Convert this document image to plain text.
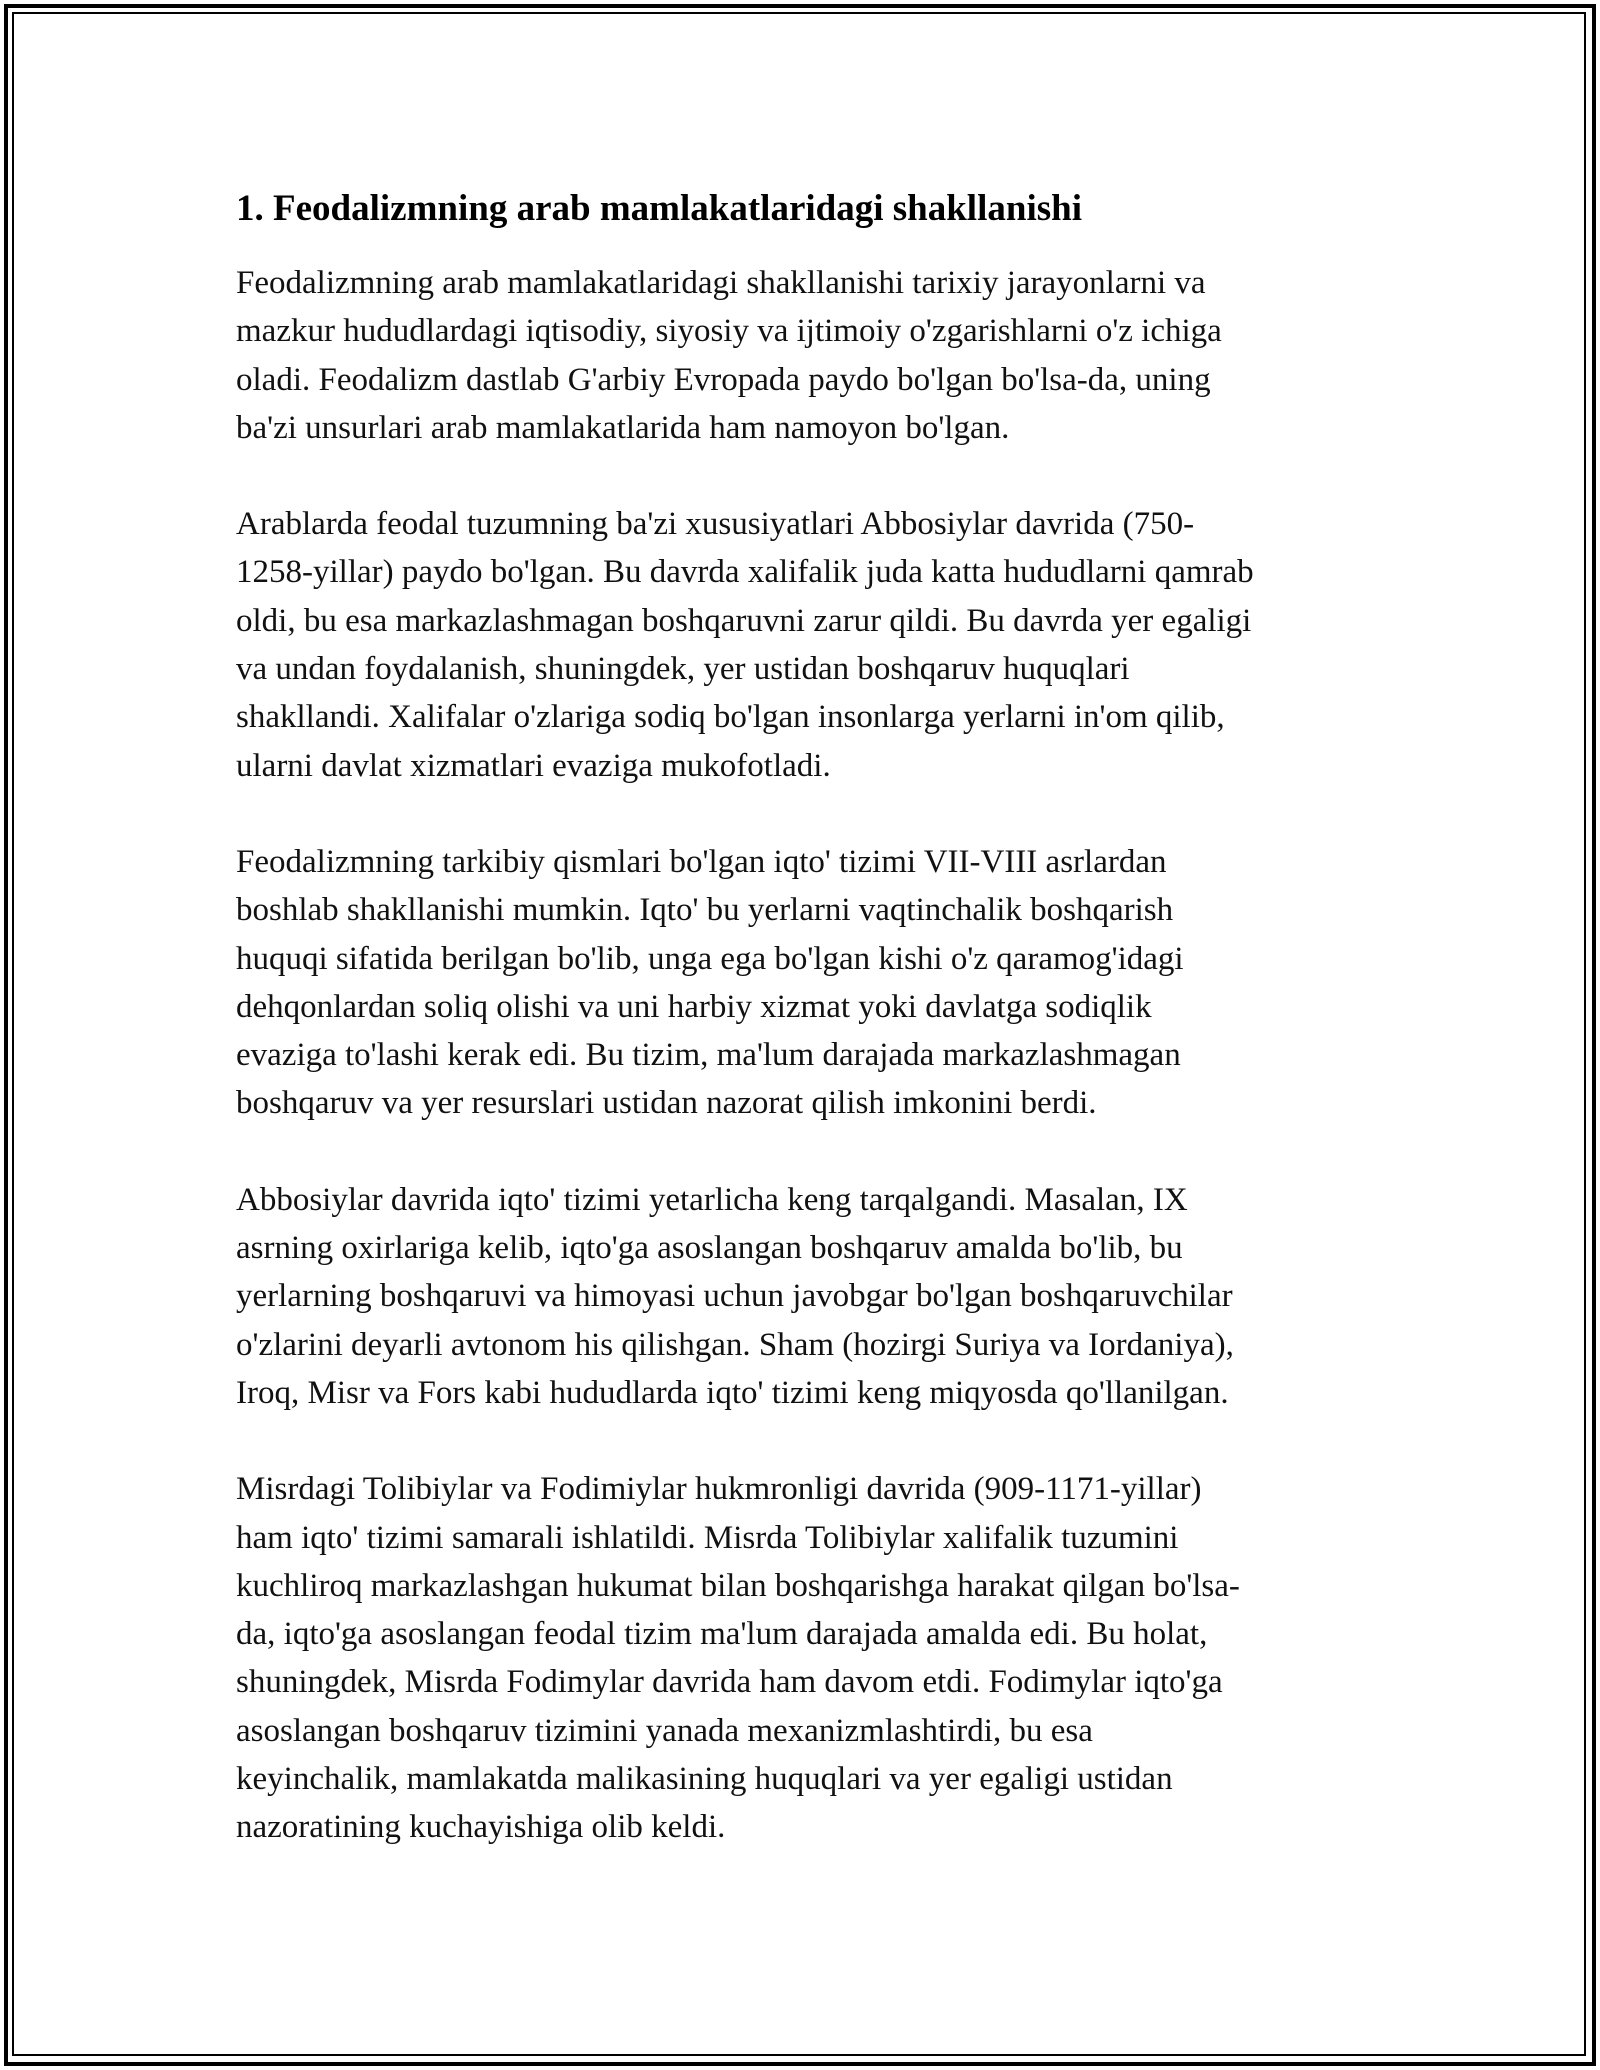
1. Feodalizmning arab mamlakatlaridagi shakllanishi

Feodalizmning arab mamlakatlaridagi shakllanishi tarixiy jarayonlarni va
mazkur hududlardagi iqtisodiy, siyosiy va ijtimoiy o'zgarishlarni o'z ichiga
oladi. Feodalizm dastlab G'arbiy Evropada paydo bo'lgan bo'lsa-da, uning
ba'zi unsurlari arab mamlakatlarida ham namoyon bo'lgan.

Arablarda feodal tuzumning ba'zi xususiyatlari Abbosiylar davrida (750-
1258-yillar) paydo bo'lgan. Bu davrda xalifalik juda katta hududlarni qamrab
oldi, bu esa markazlashmagan boshqaruvni zarur qildi. Bu davrda yer egaligi
va undan foydalanish, shuningdek, yer ustidan boshqaruv huquqlari
shakllandi. Xalifalar o'zlariga sodiq bo'lgan insonlarga yerlarni in'om qilib,
ularni davlat xizmatlari evaziga mukofotladi.

Feodalizmning tarkibiy qismlari bo'lgan iqto' tizimi VII-VIII asrlardan
boshlab shakllanishi mumkin. Iqto' bu yerlarni vaqtinchalik boshqarish
huquqi sifatida berilgan bo'lib, unga ega bo'lgan kishi o'z qaramog'idagi
dehqonlardan soliq olishi va uni harbiy xizmat yoki davlatga sodiqlik
evaziga to'lashi kerak edi. Bu tizim, ma'lum darajada markazlashmagan
boshqaruv va yer resurslari ustidan nazorat qilish imkonini berdi.

Abbosiylar davrida iqto' tizimi yetarlicha keng tarqalgandi. Masalan, IX
asrning oxirlariga kelib, iqto'ga asoslangan boshqaruv amalda bo'lib, bu
yerlarning boshqaruvi va himoyasi uchun javobgar bo'lgan boshqaruvchilar
o'zlarini deyarli avtonom his qilishgan. Sham (hozirgi Suriya va Iordaniya),
Iroq, Misr va Fors kabi hududlarda iqto' tizimi keng miqyosda qo'llanilgan.

Misrdagi Tolibiylar va Fodimiylar hukmronligi davrida (909-1171-yillar)
ham iqto' tizimi samarali ishlatildi. Misrda Tolibiylar xalifalik tuzumini
kuchliroq markazlashgan hukumat bilan boshqarishga harakat qilgan bo'lsa-
da, iqto'ga asoslangan feodal tizim ma'lum darajada amalda edi. Bu holat,
shuningdek, Misrda Fodimylar davrida ham davom etdi. Fodimylar iqto'ga
asoslangan boshqaruv tizimini yanada mexanizmlashtirdi, bu esa
keyinchalik, mamlakatda malikasining huquqlari va yer egaligi ustidan
nazoratining kuchayishiga olib keldi.
